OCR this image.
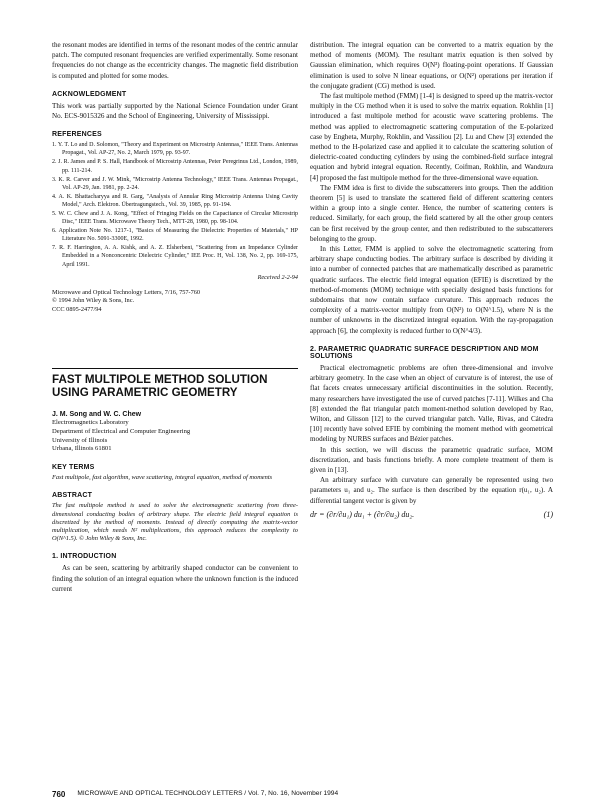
the resonant modes are identified in terms of the resonant modes of the centric annular patch. The computed resonant frequencies are verified experimentally. Some resonant frequencies do not change as the eccentricity changes. The magnetic field distribution is computed and plotted for some modes.

ACKNOWLEDGMENT

This work was partially supported by the National Science Foundation under Grant No. ECS-9015326 and the School of Engineering, University of Mississippi.

REFERENCES
1. Y. T. Lo and D. Solomon, "Theory and Experiment on Microstrip Antennas," IEEE Trans. Antennas Propagat., Vol. AP-27, No. 2, March 1979, pp. 93-97.
2. J. R. James and P. S. Hall, Handbook of Microstrip Antennas, Peter Peregrinus Ltd., London, 1989, pp. 111-214.
3. K. R. Carver and J. W. Mink, "Microstrip Antenna Technology," IEEE Trans. Antennas Propagat., Vol. AP-29, Jan. 1981, pp. 2-24.
4. A. K. Bhattacharyya and R. Garg, "Analysis of Annular Ring Microstrip Antenna Using Cavity Model," Arch. Elektron. Übertragungstech., Vol. 39, 1985, pp. 91-194.
5. W. C. Chew and J. A. Kong, "Effect of Fringing Fields on the Capacitance of Circular Microstrip Disc," IEEE Trans. Microwave Theory Tech., MTT-28, 1980, pp. 98-104.
6. Application Note No. 1217-1, "Basics of Measuring the Dielectric Properties of Materials," HP Literature No. 5091-3300E, 1992.
7. R. F. Harrington, A. A. Kishk, and A. Z. Elsherbeni, "Scattering from an Impedance Cylinder Embedded in a Nonconcentric Dielectric Cylinder," IEE Proc. H, Vol. 138, No. 2, pp. 169-175, April 1991.
Received 2-2-94
Microwave and Optical Technology Letters, 7/16, 757-760
© 1994 John Wiley & Sons, Inc.
CCC 0895-2477/94
FAST MULTIPOLE METHOD SOLUTION USING PARAMETRIC GEOMETRY
J. M. Song and W. C. Chew
Electromagnetics Laboratory
Department of Electrical and Computer Engineering
University of Illinois
Urbana, Illinois 61801
KEY TERMS
Fast multipole, fast algorithm, wave scattering, integral equation, method of moments
ABSTRACT
The fast multipole method is used to solve the electromagnetic scattering from three-dimensional conducting bodies of arbitrary shape. The electric field integral equation is discretized by the method of moments. Instead of directly computing the matrix-vector multiplication, which needs N² multiplications, this approach reduces the complexity to O(N^1.5). © John Wiley & Sons, Inc.
1. INTRODUCTION

As can be seen, scattering by arbitrarily shaped conductor can be convenient to finding the solution of an integral equation where the unknown function is the induced current

distribution. The integral equation can be converted to a matrix equation by the method of moments (MOM). The resultant matrix equation is then solved by Gaussian elimination, which requires O(N³) floating-point operations. If Gaussian elimination is used to solve N linear equations, or O(N²) operations per iteration if the conjugate gradient (CG) method is used.

The fast multipole method (FMM) [1-4] is designed to speed up the matrix-vector multiply in the CG method when it is used to solve the matrix equation. Rokhlin [1] introduced a fast multipole method for acoustic wave scattering problems. The method was applied to electromagnetic scattering computation of the E-polarized case by Engheta, Murphy, Rokhlin, and Vassiliou [2]. Lu and Chew [3] extended the method to the H-polarized case and applied it to calculate the scattering solution of dielectric-coated conducting cylinders by using the combined-field surface integral equation and hybrid integral equation. Recently, Coifman, Rokhlin, and Wandzura [4] proposed the fast multipole method for the three-dimensional wave equation.

The FMM idea is first to divide the subscatterers into groups. Then the addition theorem [5] is used to translate the scattered field of different scattering centers within a group into a single center. Hence, the number of scattering centers is reduced. Similarly, for each group, the field scattered by all the other group centers can be first received by the group center, and then redistributed to the subscatterers belonging to the group.

In this Letter, FMM is applied to solve the electromagnetic scattering from arbitrary shape conducting bodies. The arbitrary surface is described by dividing it into a number of connected patches that are mathematically described as parametric quadratic surfaces. The electric field integral equation (EFIE) is discretized by the method-of-moments (MOM) technique with specially designed basis functions for subdomains that now contain surface curvature. This approach reduces the complexity of a matrix-vector multiply from O(N²) to O(N^1.5), where N is the number of unknowns in the discretized integral equation. With the ray-propagation approach [6], the complexity is reduced further to O(N^4/3).

2. PARAMETRIC QUADRATIC SURFACE DESCRIPTION AND MOM SOLUTIONS

Practical electromagnetic problems are often three-dimensional and involve arbitrary geometry. In the case when an object of curvature is of interest, the use of flat facets creates unnecessary artificial discontinuities in the solution. Recently, many researchers have investigated the use of curved patches [7-11]. Wilkes and Cha [8] extended the flat triangular patch moment-method solution developed by Rao, Wilton, and Glisson [12] to the curved triangular patch. Valle, Rivas, and Cátedra [10] recently have solved EFIE by combining the moment method with geometrical modeling by NURBS surfaces and Bézier patches.

In this section, we will discuss the parametric quadratic surface, MOM discretization, and basis functions briefly. A more complete treatment of them is given in [13].

An arbitrary surface with curvature can generally be represented using two parameters u₁ and u₂. The surface is then described by the equation r(u₁, u₂). A differential tangent vector is given by

dr = (∂r/∂u₁) du₁ + (∂r/∂u₂) du₂.	(1)
760 MICROWAVE AND OPTICAL TECHNOLOGY LETTERS / Vol. 7, No. 16, November 1994
